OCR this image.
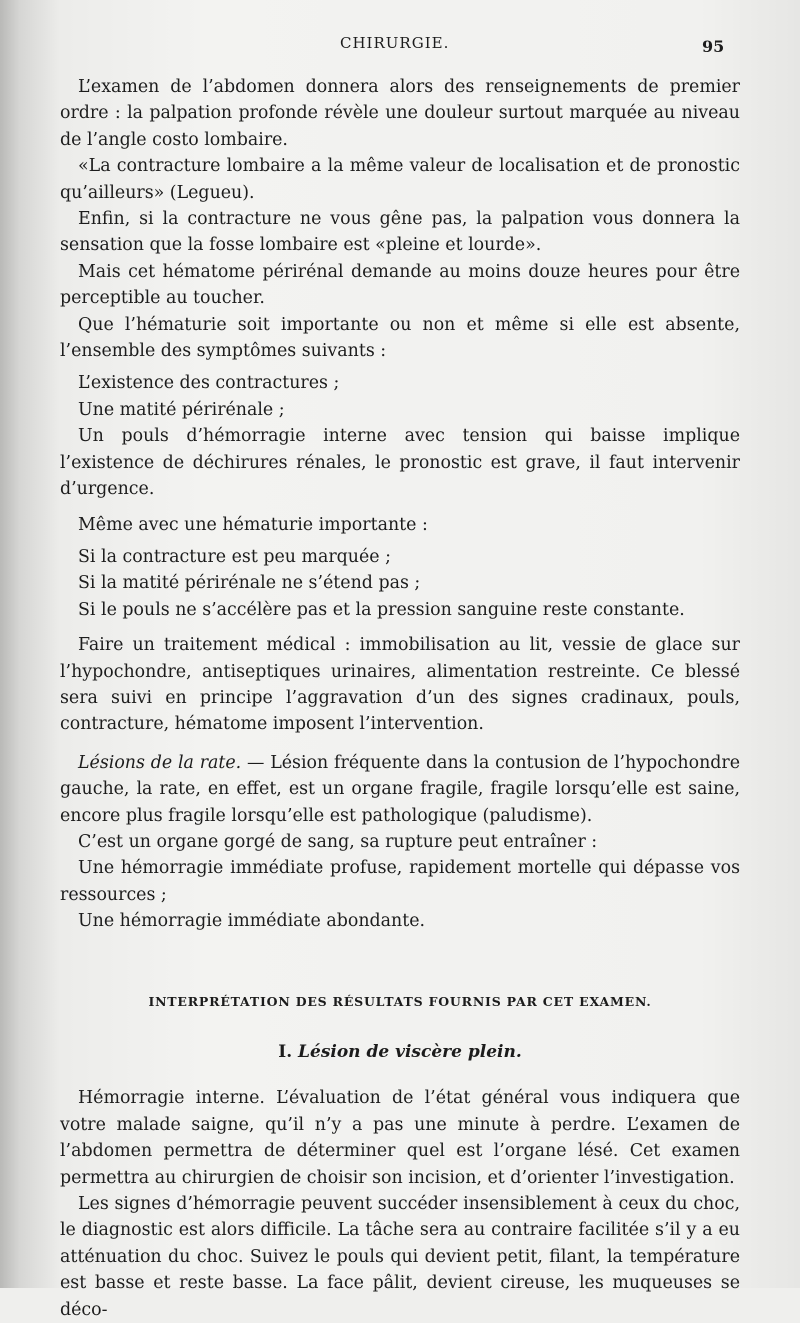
CHIRURGIE.	95

L’examen de l’abdomen donnera alors des renseignements de premier ordre : la palpation profonde révèle une douleur surtout marquée au niveau de l’angle costo lombaire.

«La contracture lombaire a la même valeur de localisation et de pronostic qu’ailleurs» (Legueu).

Enfin, si la contracture ne vous gêne pas, la palpation vous donnera la sensation que la fosse lombaire est «pleine et lourde».

Mais cet hématome périrénal demande au moins douze heures pour être perceptible au toucher.

Que l’hématurie soit importante ou non et même si elle est absente, l’ensemble des symptômes suivants :

L’existence des contractures ;

Une matité périrénale ;

Un pouls d’hémorragie interne avec tension qui baisse implique l’existence de déchirures rénales, le pronostic est grave, il faut intervenir d’urgence.

Même avec une hématurie importante :

Si la contracture est peu marquée ;

Si la matité périrénale ne s’étend pas ;

Si le pouls ne s’accélère pas et la pression sanguine reste constante.

Faire un traitement médical : immobilisation au lit, vessie de glace sur l’hypochondre, antiseptiques urinaires, alimentation restreinte. Ce blessé sera suivi en principe l’aggravation d’un des signes cradinaux, pouls, contracture, hématome imposent l’intervention.

Lésions de la rate. — Lésion fréquente dans la contusion de l’hypochondre gauche, la rate, en effet, est un organe fragile, fragile lorsqu’elle est saine, encore plus fragile lorsqu’elle est pathologique (paludisme).

C’est un organe gorgé de sang, sa rupture peut entraîner :

Une hémorragie immédiate profuse, rapidement mortelle qui dépasse vos ressources ;

Une hémorragie immédiate abondante.

INTERPRÉTATION DES RÉSULTATS FOURNIS PAR CET EXAMEN.
I. Lésion de viscère plein.

Hémorragie interne. L’évaluation de l’état général vous indiquera que votre malade saigne, qu’il n’y a pas une minute à perdre. L’examen de l’abdomen permettra de déterminer quel est l’organe lésé. Cet examen permettra au chirurgien de choisir son incision, et d’orienter l’investigation.

Les signes d’hémorragie peuvent succéder insensiblement à ceux du choc, le diagnostic est alors difficile. La tâche sera au contraire facilitée s’il y a eu atténuation du choc. Suivez le pouls qui devient petit, filant, la température est basse et reste basse. La face pâlit, devient cireuse, les muqueuses se déco-
